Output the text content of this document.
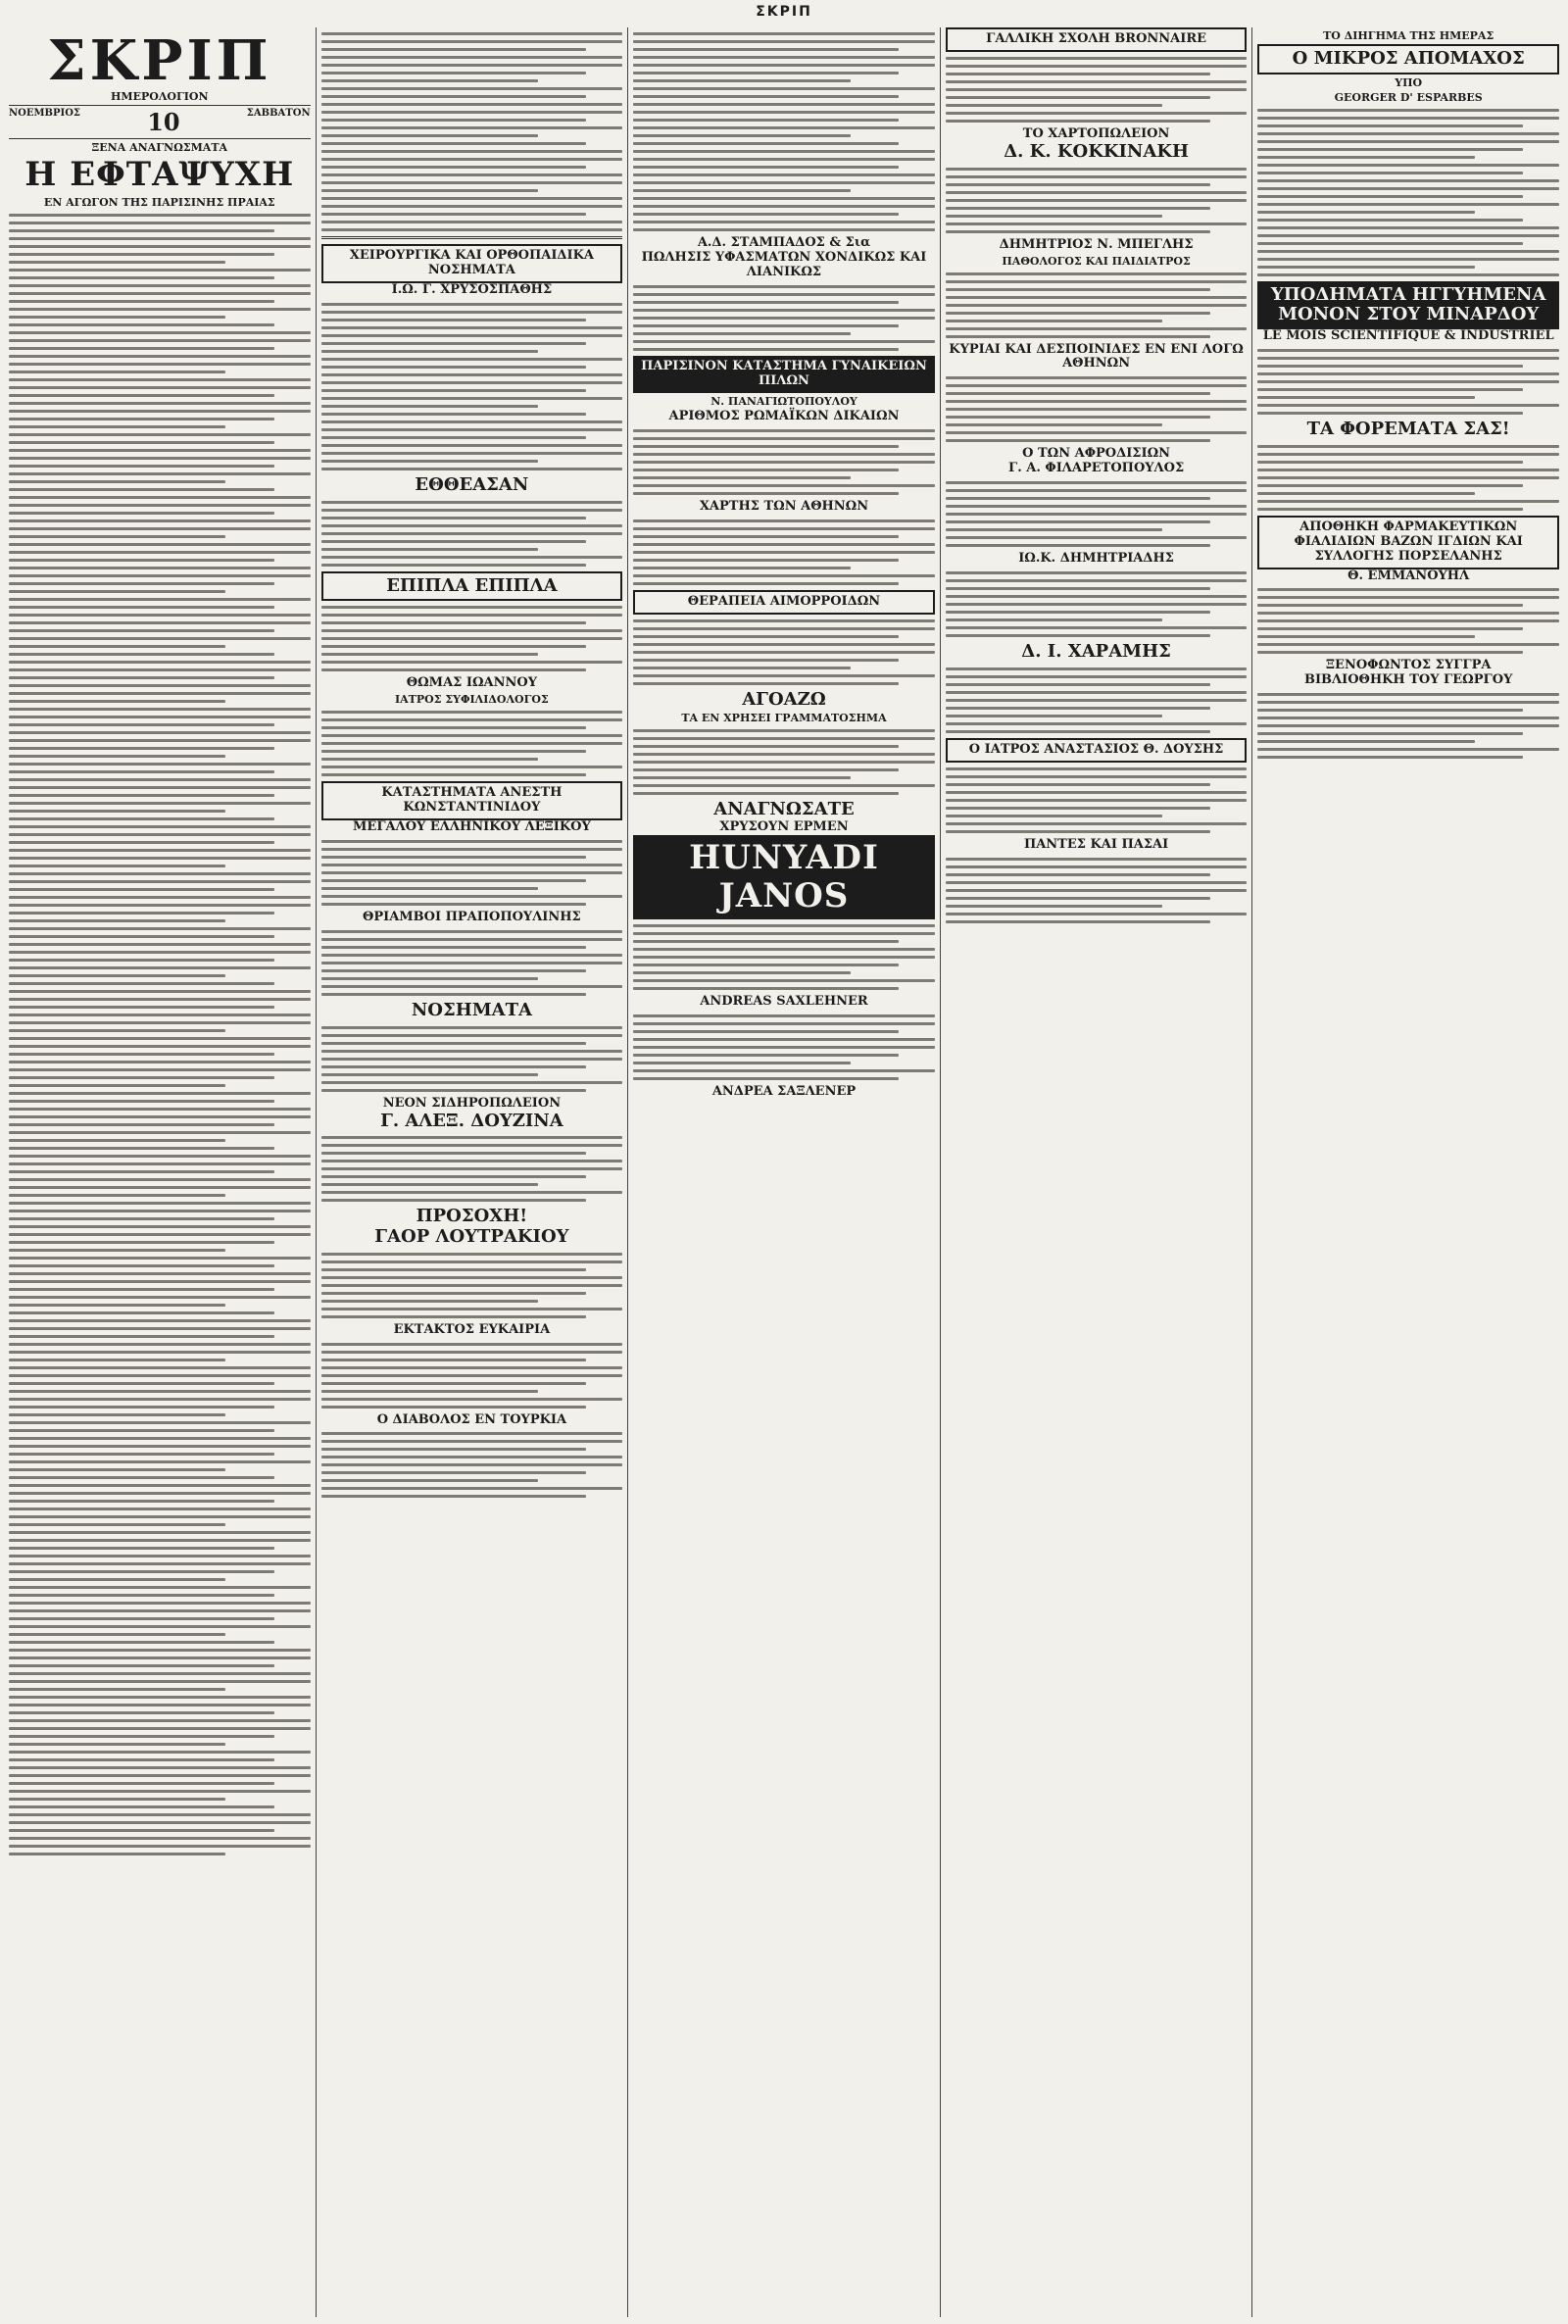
ΣΚΡΙΠ
ΣΚΡΙΠ
ΗΜΕΡΟΛΟΓΙΟΝ
ΝΟΕΜΒΡΙΟΣ	10	ΣΑΒΒΑΤΟΝ
ΞΕΝΑ ΑΝΑΓΝΩΣΜΑΤΑ
Η ΕΦΤΑΨΥΧΗ
ΕΝ ΑΓΩΓΟΝ ΤΗΣ ΠΑΡΙΣΙΝΗΣ ΠΡΑΙΑΣ
ΧΕΙΡΟΥΡΓΙΚΑ ΚΑΙ ΟΡΘΟΠΑΙΔΙΚΑ ΝΟΣΗΜΑΤΑ
Ι.Ω. Γ. ΧΡΥΣΟΣΠΑΘΗΣ
ΕΘΘΕΑΣΑΝ
ΕΠΙΠΛΑ ΕΠΙΠΛΑ
ΘΩΜΑΣ ΙΩΑΝΝΟΥ
ΙΑΤΡΟΣ ΣΥΦΙΛΙΔΟΛΟΓΟΣ
ΚΑΤΑΣΤΗΜΑΤΑ ΑΝΕΣΤΗ ΚΩΝΣΤΑΝΤΙΝΙΔΟΥ
ΜΕΓΑΛΟΥ ΕΛΛΗΝΙΚΟΥ ΛΕΞΙΚΟΥ
ΘΡΙΑΜΒΟΙ ΠΡΑΠΟΠΟΥΛΙΝΗΣ
ΝΟΣΗΜΑΤΑ
ΝΕΟΝ ΣΙΔΗΡΟΠΩΛΕΙΟΝ
Γ. ΑΛΕΞ. ΔΟΥΖΙΝΑ
ΠΡΟΣΟΧΗ!
ΓΑΟΡ ΛΟΥΤΡΑΚΙΟΥ
ΕΚΤΑΚΤΟΣ ΕΥΚΑΙΡΙΑ
Ο ΔΙΑΒΟΛΟΣ ΕΝ ΤΟΥΡΚΙΑ
Α.Δ. ΣΤΑΜΠΑΔΟΣ & Σια
ΠΩΛΗΣΙΣ ΥΦΑΣΜΑΤΩΝ ΧΟΝΔΙΚΩΣ ΚΑΙ ΛΙΑΝΙΚΩΣ
ΠΑΡΙΣΙΝΟΝ ΚΑΤΑΣΤΗΜΑ ΓΥΝΑΙΚΕΙΩΝ ΠΙΛΩΝ
Ν. ΠΑΝΑΓΙΩΤΟΠΟΥΛΟΥ
ΑΡΙΘΜΟΣ ΡΩΜΑΪΚΩΝ ΔΙΚΑΙΩΝ
ΧΑΡΤΗΣ ΤΩΝ ΑΘΗΝΩΝ
ΘΕΡΑΠΕΙΑ ΑΙΜΟΡΡΟΙΔΩΝ
ΑΓΟΑΖΩ
ΤΑ ΕΝ ΧΡΗΣΕΙ ΓΡΑΜΜΑΤΟΣΗΜΑ
ΑΝΑΓΝΩΣΑΤΕ
ΧΡΥΣΟΥΝ ΕΡΜΕΝ
HUNYADI JANOS
ANDREAS SAXLEHNER
ΑΝΔΡΕΑ ΣΑΞΛΕΝΕΡ
ΓΑΛΛΙΚΗ ΣΧΟΛΗ BRONNAIRE
ΤΟ ΧΑΡΤΟΠΩΛΕΙΟΝ
Δ. Κ. ΚΟΚΚΙΝΑΚΗ
ΔΗΜΗΤΡΙΟΣ Ν. ΜΠΕΓΛΗΣ
ΠΑΘΟΛΟΓΟΣ ΚΑΙ ΠΑΙΔΙΑΤΡΟΣ
ΚΥΡΙΑΙ ΚΑΙ ΔΕΣΠΟΙΝΙΔΕΣ ΕΝ ΕΝΙ ΛΟΓΩ ΑΘΗΝΩΝ
Ο ΤΩΝ ΑΦΡΟΔΙΣΙΩΝ
Γ. Α. ΦΙΛΑΡΕΤΟΠΟΥΛΟΣ
ΙΩ.Κ. ΔΗΜΗΤΡΙΑΔΗΣ
Δ. Ι. ΧΑΡΑΜΗΣ
Ο ΙΑΤΡΟΣ ΑΝΑΣΤΑΣΙΟΣ Θ. ΔΟΥΣΗΣ
ΠΑΝΤΕΣ ΚΑΙ ΠΑΣΑΙ
ΤΟ ΔΙΗΓΗΜΑ ΤΗΣ ΗΜΕΡΑΣ
Ο ΜΙΚΡΟΣ ΑΠΟΜΑΧΟΣ
ΥΠΟ
GEORGER D' ESPARBES
ΥΠΟΔΗΜΑΤΑ ΗΓΓΥΗΜΕΝΑ ΜΟΝΟΝ ΣΤΟΥ ΜΙΝΑΡΔΟΥ
LE MOIS SCIENTIFIQUE & INDUSTRIEL
ΤΑ ΦΟΡΕΜΑΤΑ ΣΑΣ!
ΑΠΟΘΗΚΗ ΦΑΡΜΑΚΕΥΤΙΚΩΝ ΦΙΑΛΙΔΙΩΝ ΒΑΖΩΝ ΙΓΔΙΩΝ ΚΑΙ ΣΥΛΛΟΓΗΣ ΠΟΡΣΕΛΑΝΗΣ
Θ. ΕΜΜΑΝΟΥΗΛ
ΞΕΝΟΦΩΝΤΟΣ ΣΥΓΓΡΑ
ΒΙΒΛΙΟΘΗΚΗ ΤΟΥ ΓΕΩΡΓΟΥ
